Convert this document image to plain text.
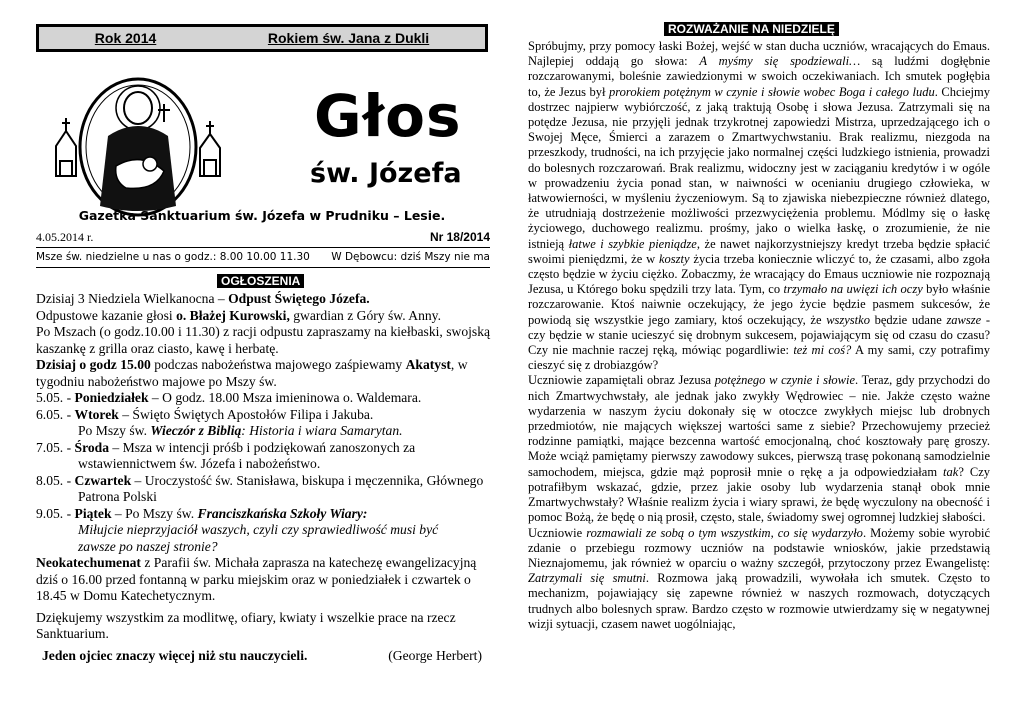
Rok 2014	Rokiem św. Jana z Dukli
Głos
św. Józefa
Gazetka Sanktuarium św. Józefa w Prudniku – Lesie.
4.05.2014 r.	Nr 18/2014
Msze św. niedzielne u nas o godz.: 8.00 10.00 11.30 W Dębowcu: dziś Mszy nie ma
OGŁOSZENIA

Dzisiaj 3 Niedziela Wielkanocna – Odpust Świętego Józefa.

Odpustowe kazanie głosi o. Błażej Kurowski, gwardian z Góry św. Anny.

Po Mszach (o godz.10.00 i 11.30) z racji odpustu zapraszamy na kiełbaski, swojską kaszankę z grilla oraz ciasto, kawę i herbatę.

Dzisiaj o godz 15.00 podczas nabożeństwa majowego zaśpiewamy Akatyst, w tygodniu nabożeństwo majowe po Mszy św.

5.05. - Poniedziałek – O godz. 18.00 Msza imieninowa o. Waldemara.

6.05. - Wtorek – Święto Świętych Apostołów Filipa i Jakuba.

Po Mszy św. Wieczór z Biblią: Historia i wiara Samarytan.

7.05. - Środa – Msza w intencji próśb i podziękowań zanoszonych za wstawiennictwem św. Józefa i nabożeństwo.

8.05. - Czwartek – Uroczystość św. Stanisława, biskupa i męczennika, Głównego Patrona Polski

9.05. - Piątek – Po Mszy św. Franciszkańska Szkoły Wiary:

Miłujcie nieprzyjaciół waszych, czyli czy sprawiedliwość musi być zawsze po naszej stronie?

Neokatechumenat z Parafii św. Michała zaprasza na katechezę ewangelizacyjną dziś o 16.00 przed fontanną w parku miejskim oraz w poniedziałek i czwartek o 18.45 w Domu Katechetycznym.

Dziękujemy wszystkim za modlitwę, ofiary, kwiaty i wszelkie prace na rzecz Sanktuarium.

Jeden ojciec znaczy więcej niż stu nauczycieli.	(George Herbert)

ROZWAŻANIE NA NIEDZIELĘ

Spróbujmy, przy pomocy łaski Bożej, wejść w stan ducha uczniów, wracających do Emaus. Najlepiej oddają go słowa: A myśmy się spodziewali… są ludźmi dogłębnie rozczarowanymi, boleśnie zawiedzionymi w swoich oczekiwaniach. Ich smutek pogłębia to, że Jezus był prorokiem potężnym w czynie i słowie wobec Boga i całego ludu. Chciejmy dostrzec najpierw wybiórczość, z jaką traktują Osobę i słowa Jezusa. Zatrzymali się na potędze Jezusa, nie przyjęli jednak trzykrotnej zapowiedzi Mistrza, uprzedzającego ich o Swojej Męce, Śmierci a zarazem o Zmartwychwstaniu. Brak realizmu, niezgoda na przeszkody, trudności, na ich przyjęcie jako normalnej części ludzkiego istnienia, prowadzi do bolesnych rozczarowań. Brak realizmu, widoczny jest w zaciąganiu kredytów i w ogóle w prowadzeniu życia ponad stan, w naiwności w ocenianiu drugiego człowieka, w łatwowierności, w myśleniu życzeniowym. Są to zjawiska niebezpieczne również dlatego, że utrudniają dostrzeżenie możliwości przezwyciężenia problemu. Módlmy się o łaskę życiowego, duchowego realizmu. prośmy, jako o wielka łaskę, o zrozumienie, że nie istnieją łatwe i szybkie pieniądze, że nawet najkorzystniejszy kredyt trzeba będzie spłacić swoimi pieniędzmi, że w koszty życia trzeba koniecznie wliczyć to, że czasami, albo zgoła często będzie w życiu ciężko. Zobaczmy, że wracający do Emaus uczniowie nie rozpoznają Jezusa, u Którego boku spędzili trzy lata. Tym, co trzymało na uwięzi ich oczy było właśnie rozczarowanie. Ktoś naiwnie oczekujący, że jego życie będzie pasmem sukcesów, że powiodą się wszystkie jego zamiary, ktoś oczekujący, że wszystko będzie udane zawsze - czy będzie w stanie ucieszyć się drobnym sukcesem, pojawiającym się od czasu do czasu? Czy nie machnie raczej ręką, mówiąc pogardliwie: też mi coś? A my sami, czy potrafimy cieszyć się z drobiazgów?

Uczniowie zapamiętali obraz Jezusa potężnego w czynie i słowie. Teraz, gdy przychodzi do nich Zmartwychwstały, ale jednak jako zwykły Wędrowiec – nie. Jakże często ważne wydarzenia w naszym życiu dokonały się w otoczce zwykłych miejsc lub drobnych przedmiotów, nie mających większej wartości same z siebie? Przechowujemy przecież rodzinne pamiątki, mające bezcenna wartość emocjonalną, choć kosztowały parę groszy. Może wciąż pamiętamy pierwszy zawodowy sukces, pierwszą trasę pokonaną samodzielnie samochodem, miejsca, gdzie mąż poprosił mnie o rękę a ja odpowiedziałam tak? Czy potrafiłbym wskazać, gdzie, przez jakie osoby lub wydarzenia stanął obok mnie Zmartwychwstały? Właśnie realizm życia i wiary sprawi, że będę wyczulony na obecność i pomoc Bożą, że będę o nią prosił, często, stale, świadomy swej ogromnej ludzkiej słabości.

Uczniowie rozmawiali ze sobą o tym wszystkim, co się wydarzyło. Możemy sobie wyrobić zdanie o przebiegu rozmowy uczniów na podstawie wniosków, jakie przedstawią Nieznajomemu, jak również w oparciu o ważny szczegół, przytoczony przez Ewangelistę: Zatrzymali się smutni. Rozmowa jaką prowadzili, wywołała ich smutek. Często to mechanizm, pojawiający się zapewne również w naszych rozmowach, dotyczących trudnych albo bolesnych spraw. Bardzo często w rozmowie utwierdzamy się w negatywnej wizji sytuacji, czasem nawet uogólniając,
